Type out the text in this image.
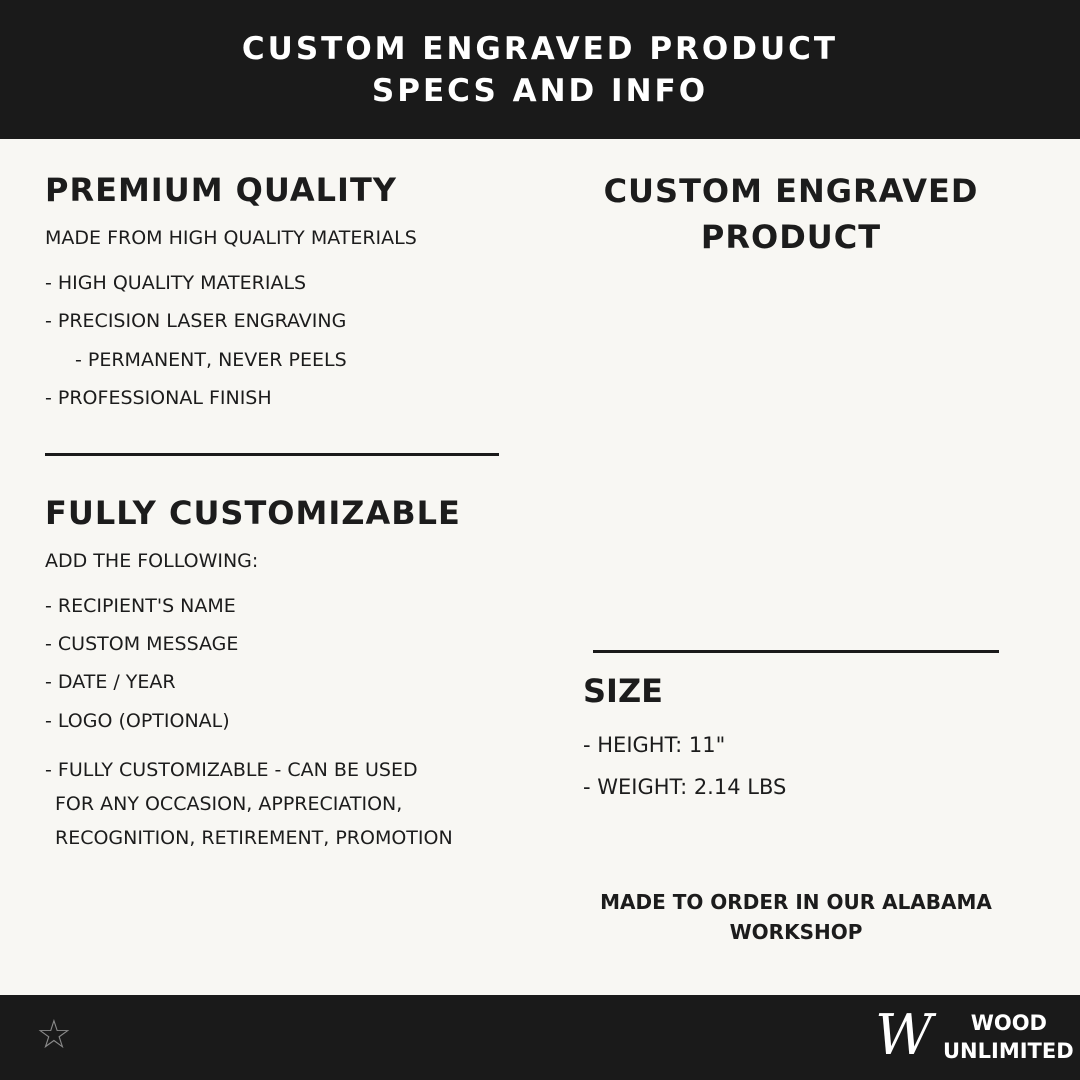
CUSTOM ENGRAVED PRODUCT
SPECS AND INFO
PREMIUM QUALITY
MADE FROM HIGH QUALITY MATERIALS
- HIGH QUALITY MATERIALS
- PRECISION LASER ENGRAVING
- PERMANENT, NEVER PEELS
- PROFESSIONAL FINISH
FULLY CUSTOMIZABLE
ADD THE FOLLOWING:
- RECIPIENT'S NAME
- CUSTOM MESSAGE
- DATE / YEAR
- LOGO (OPTIONAL)
- FULLY CUSTOMIZABLE - CAN BE USED
FOR ANY OCCASION, APPRECIATION,
RECOGNITION, RETIREMENT, PROMOTION
CUSTOM ENGRAVED
PRODUCT
SIZE
- HEIGHT: 11"
- WEIGHT: 2.14 LBS
MADE TO ORDER IN OUR ALABAMA
WORKSHOP
☆	W	WOOD
UNLIMITED
